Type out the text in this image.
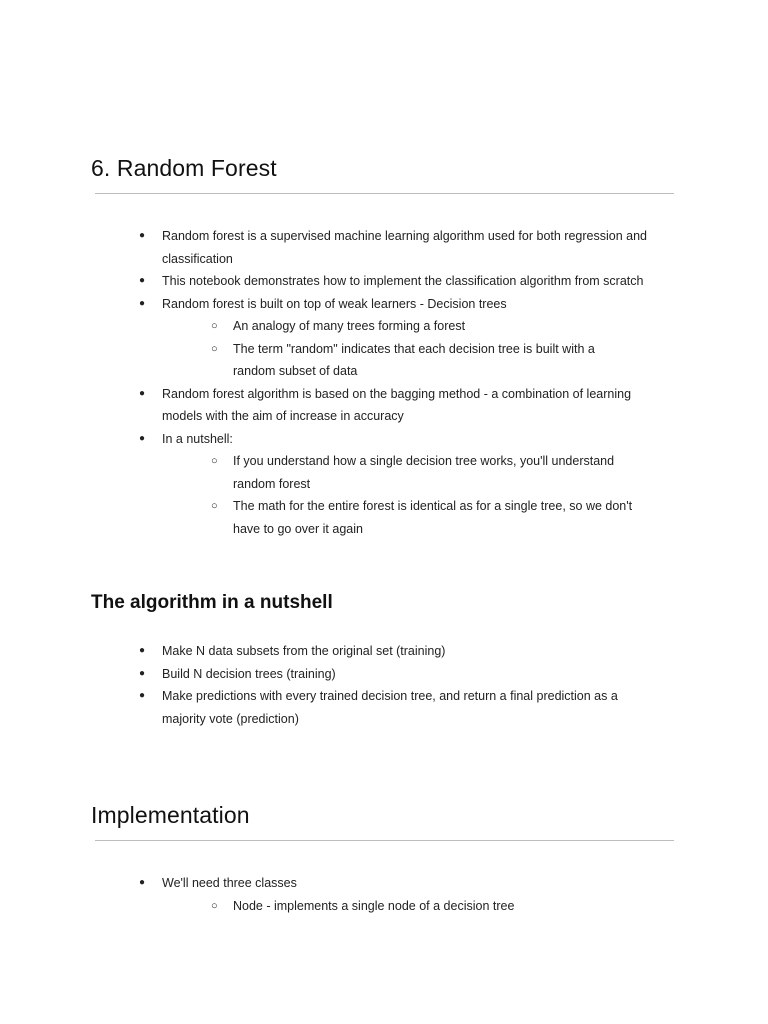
6. Random Forest
● Random forest is a supervised machine learning algorithm used for both regression and classification
● This notebook demonstrates how to implement the classification algorithm from scratch
● Random forest is built on top of weak learners - Decision trees
○ An analogy of many trees forming a forest
○ The term "random" indicates that each decision tree is built with a random subset of data
● Random forest algorithm is based on the bagging method - a combination of learning models with the aim of increase in accuracy
● In a nutshell:
○ If you understand how a single decision tree works, you'll understand random forest
○ The math for the entire forest is identical as for a single tree, so we don't have to go over it again
The algorithm in a nutshell
● Make N data subsets from the original set (training)
● Build N decision trees (training)
● Make predictions with every trained decision tree, and return a final prediction as a majority vote (prediction)
Implementation
● We'll need three classes
○ Node - implements a single node of a decision tree
